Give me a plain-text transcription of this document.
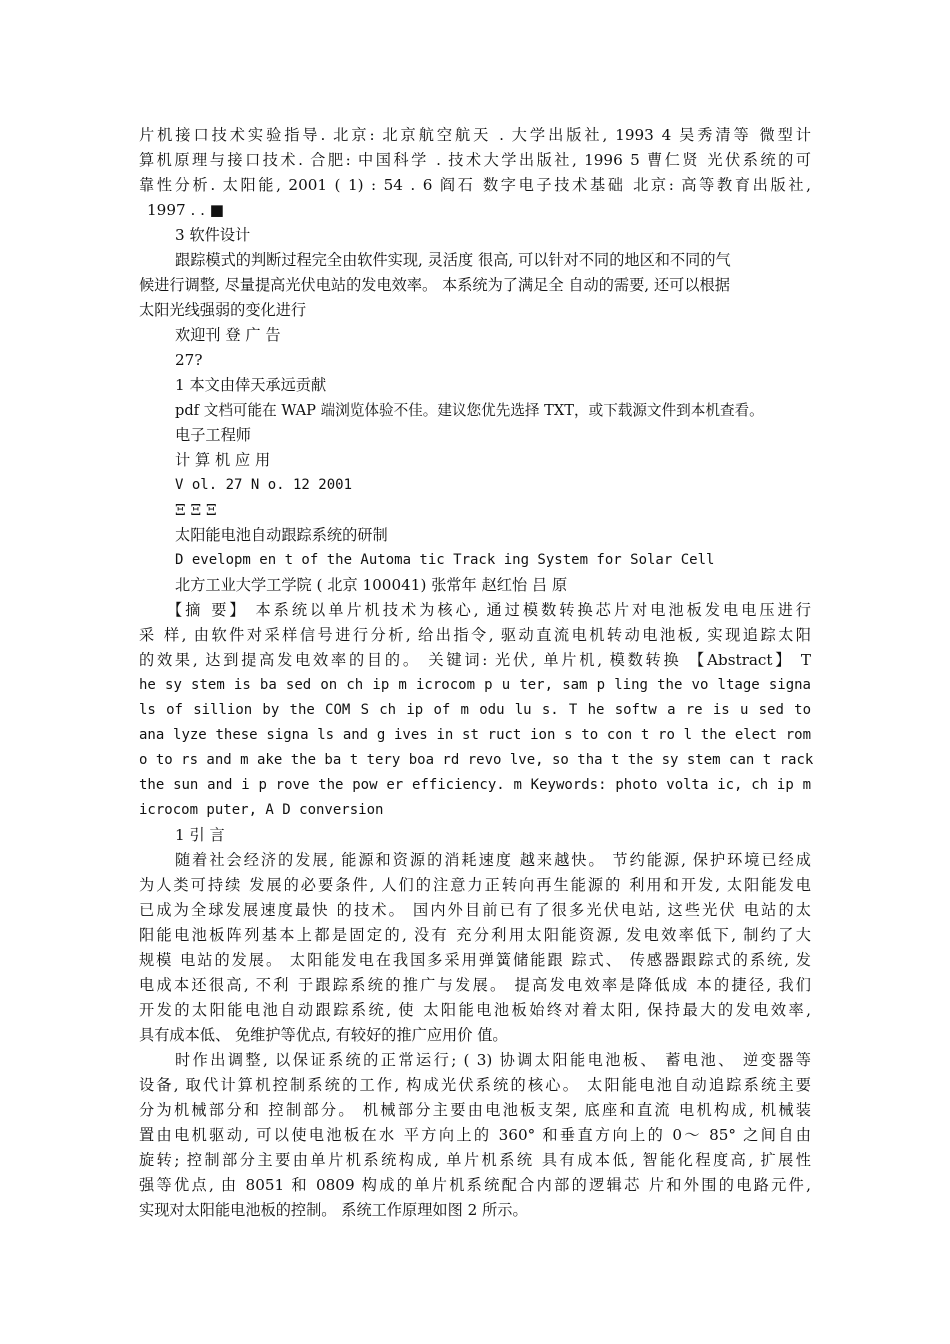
片机接口技术实验指导. 北京: 北京航空航天 . 大学出版社, 1993 4 吴秀清等 微型计
算机原理与接口技术. 合肥: 中国科学 . 技术大学出版社, 1996 5 曹仁贤 光伏系统的可
靠性分析. 太阳能, 2001 ( 1) : 54 . 6 阎石 数字电子技术基础 北京: 高等教育出版社,
1997 . . ■
3 软件设计
跟踪模式的判断过程完全由软件实现, 灵活度 很高, 可以针对不同的地区和不同的气
候进行调整, 尽量提高光伏电站的发电效率。 本系统为了满足全 自动的需要, 还可以根据
太阳光线强弱的变化进行
欢迎刊 登 广 告
27?
1 本文由倖天承远贡献
pdf 文档可能在 WAP 端浏览体验不佳。建议您优先选择 TXT，或下载源文件到本机查看。
电子工程师
计 算 机 应 用
V ol. 27 N o. 12 2001
Ξ Ξ Ξ
太阳能电池自动跟踪系统的研制
D evelopm en t of the Automa tic Track ing System for Solar Cell
北方工业大学工学院 ( 北京 100041) 张常年 赵红怡 吕 原
【摘 要】 本系统以单片机技术为核心, 通过模数转换芯片对电池板发电电压进行
采 样, 由软件对采样信号进行分析, 给出指令, 驱动直流电机转动电池板, 实现追踪太阳
的效果, 达到提高发电效率的目的。 关键词: 光伏, 单片机, 模数转换 【Abstract】 T
he sy stem is ba sed on ch ip m icrocom p u ter, sam p ling the vo ltage signa
ls of sillion by the COM S ch ip of m odu lu s. T he softw a re is u sed to
ana lyze these signa ls and g ives in st ruct ion s to con t ro l the elect rom
o to rs and m ake the ba t tery boa rd revo lve, so tha t the sy stem can t rack
the sun and i p rove the pow er efficiency. m Keywords: photo volta ic, ch ip m
icrocom puter, A D conversion
1 引 言
随着社会经济的发展, 能源和资源的消耗速度 越来越快。 节约能源, 保护环境已经成
为人类可持续 发展的必要条件, 人们的注意力正转向再生能源的 利用和开发, 太阳能发电
已成为全球发展速度最快 的技术。 国内外目前已有了很多光伏电站, 这些光伏 电站的太
阳能电池板阵列基本上都是固定的, 没有 充分利用太阳能资源, 发电效率低下, 制约了大
规模 电站的发展。 太阳能发电在我国多采用弹簧储能跟 踪式、 传感器跟踪式的系统, 发
电成本还很高, 不利 于跟踪系统的推广与发展。 提高发电效率是降低成 本的捷径, 我们
开发的太阳能电池自动跟踪系统, 使 太阳能电池板始终对着太阳, 保持最大的发电效率,
具有成本低、 免维护等优点, 有较好的推广应用价 值。
时作出调整, 以保证系统的正常运行; ( 3) 协调太阳能电池板、 蓄电池、 逆变器等
设备, 取代计算机控制系统的工作, 构成光伏系统的核心。 太阳能电池自动追踪系统主要
分为机械部分和 控制部分。 机械部分主要由电池板支架, 底座和直流 电机构成, 机械装
置由电机驱动, 可以使电池板在水 平方向上的 360° 和垂直方向上的 0～ 85° 之间自由
旋转; 控制部分主要由单片机系统构成, 单片机系统 具有成本低, 智能化程度高, 扩展性
强等优点, 由 8051 和 0809 构成的单片机系统配合内部的逻辑芯 片和外围的电路元件,
实现对太阳能电池板的控制。 系统工作原理如图 2 所示。
